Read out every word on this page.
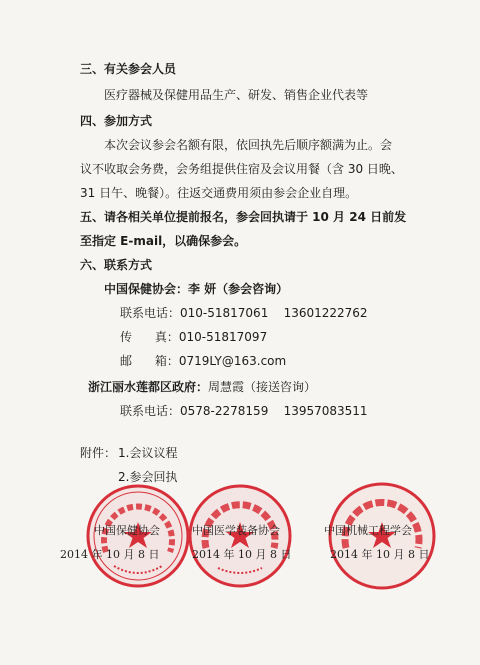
三、有关参会人员
医疗器械及保健用品生产、研发、销售企业代表等
四、参加方式
本次会议参会名额有限，依回执先后顺序额满为止。会
议不收取会务费，会务组提供住宿及会议用餐（含 30 日晚、
31 日午、晚餐）。往返交通费用须由参会企业自理。
五、请各相关单位提前报名，参会回执请于 10 月 24 日前发
至指定 E-mail，以确保参会。
六、联系方式
中国保健协会：李 妍（参会咨询）
联系电话：010-51817061    13601222762
传      真：010-51817097
邮      箱：0719LY@163.com
浙江丽水莲都区政府：周慧霞（接送咨询）
联系电话：0578-2278159    13957083511
附件： 1.会议议程
2.参会回执
中国保健协会
2014 年 10 月 8 日
中国医学装备协会
2014 年 10 月 8 日
中国机械工程学会
2014 年 10 月 8 日
